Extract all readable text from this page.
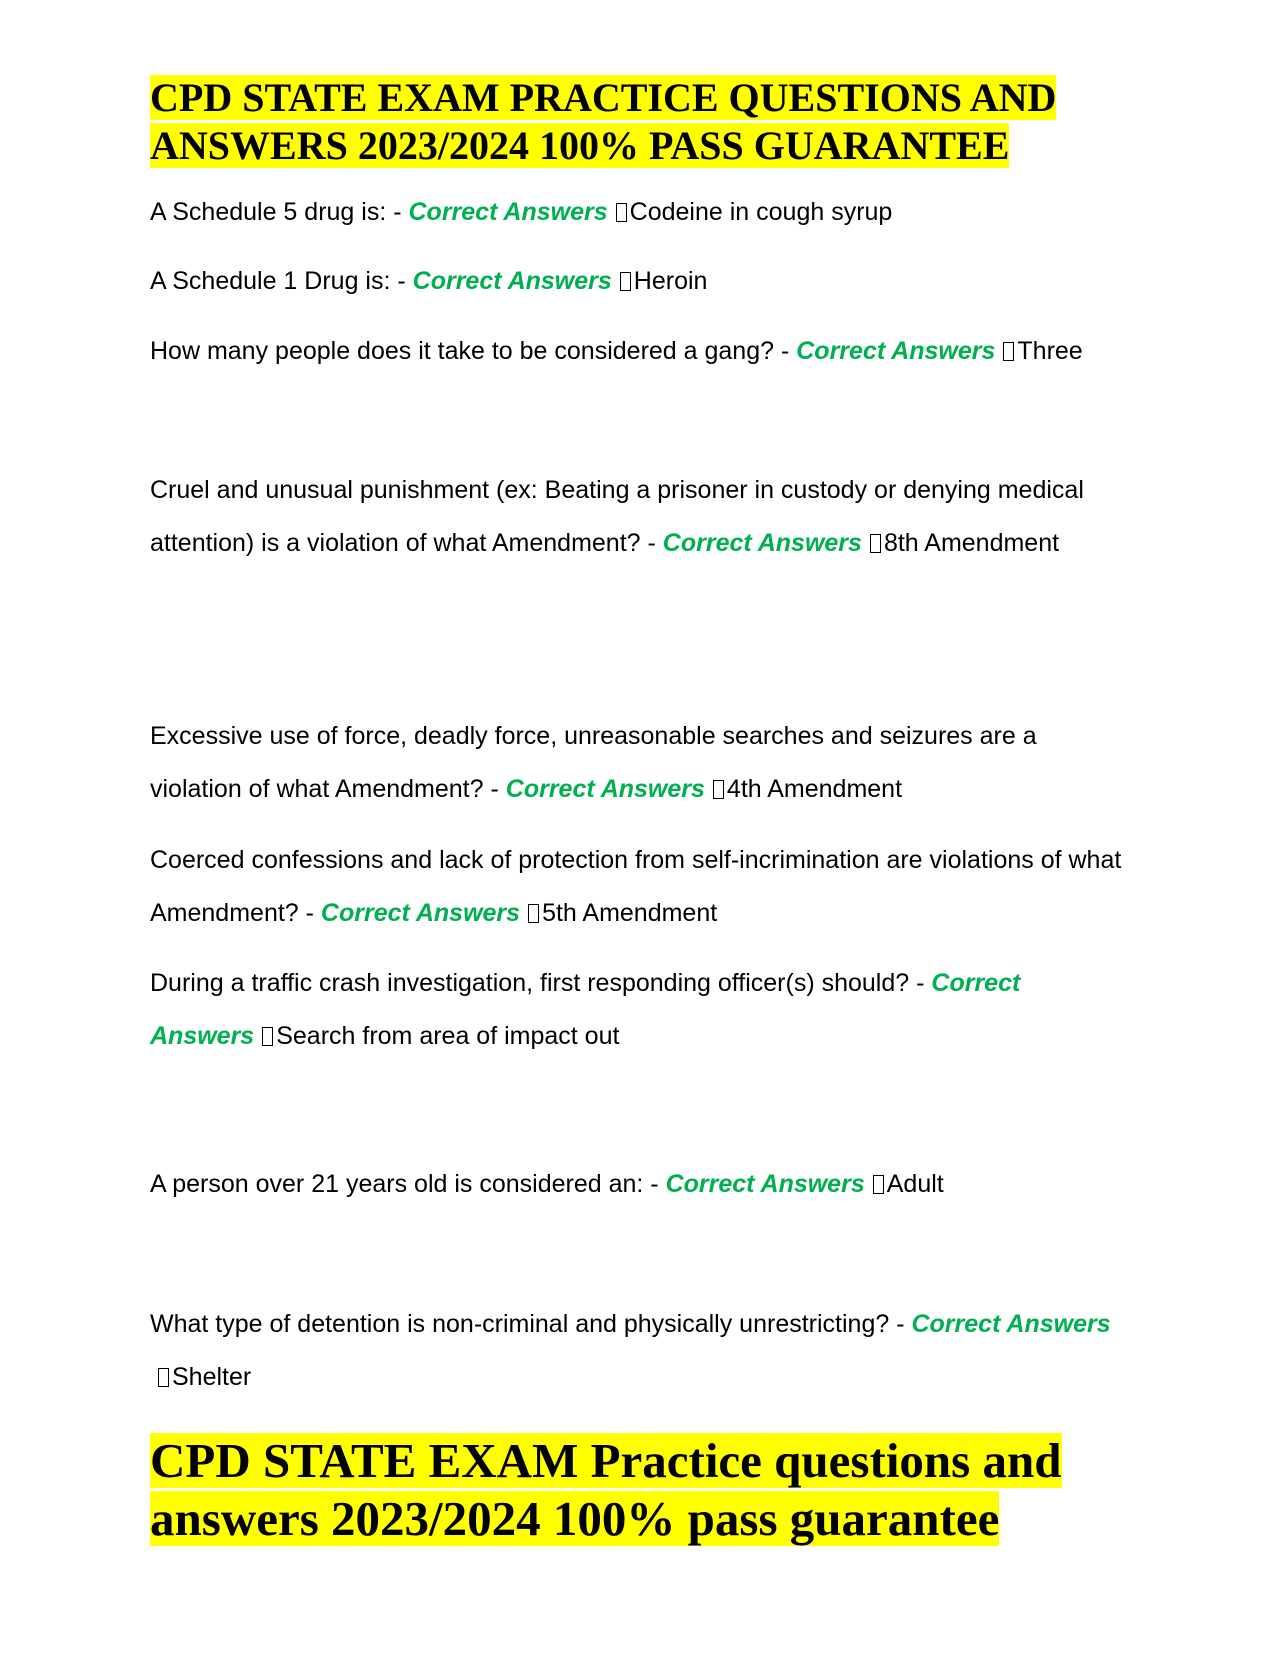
CPD STATE EXAM PRACTICE QUESTIONS AND ANSWERS 2023/2024 100% PASS GUARANTEE

A Schedule 5 drug is: - Correct Answers Codeine in cough syrup

A Schedule 1 Drug is: - Correct Answers Heroin

How many people does it take to be considered a gang? - Correct Answers Three

Cruel and unusual punishment (ex: Beating a prisoner in custody or denying medical attention) is a violation of what Amendment? - Correct Answers 8th Amendment

Excessive use of force, deadly force, unreasonable searches and seizures are a violation of what Amendment? - Correct Answers 4th Amendment

Coerced confessions and lack of protection from self-incrimination are violations of what Amendment? - Correct Answers 5th Amendment

During a traffic crash investigation, first responding officer(s) should? - Correct Answers Search from area of impact out

A person over 21 years old is considered an: - Correct Answers Adult

What type of detention is non-criminal and physically unrestricting? - Correct AnswersShelter

CPD STATE EXAM Practice questions and answers 2023/2024 100% pass guarantee
